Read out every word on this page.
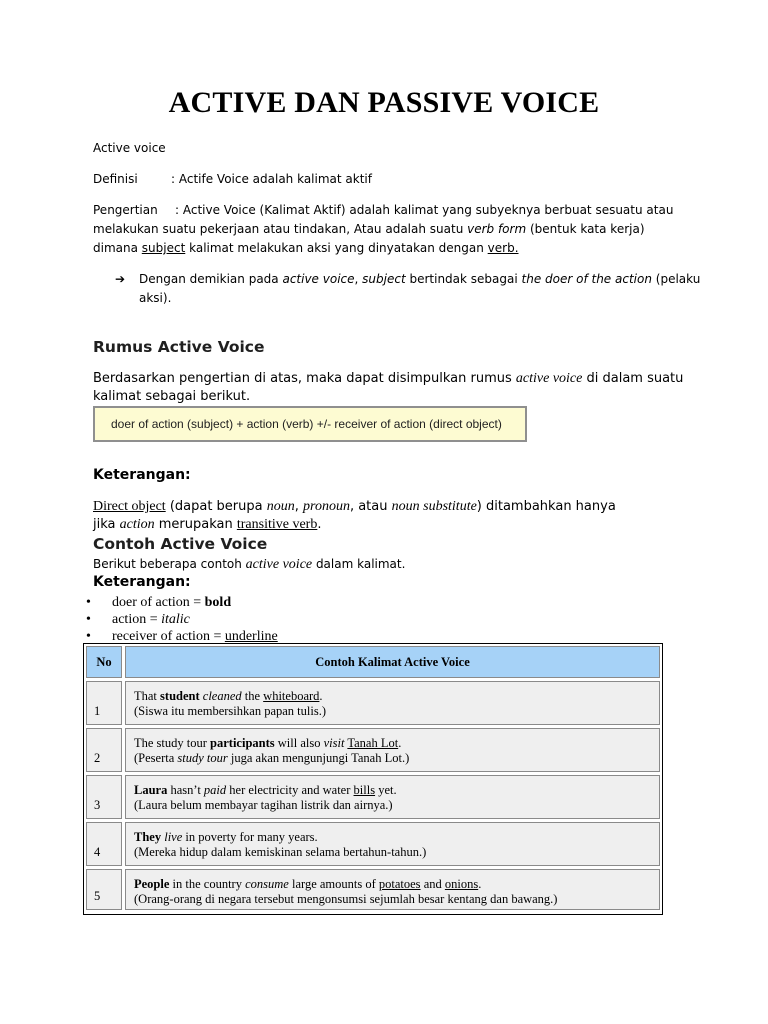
ACTIVE DAN PASSIVE VOICE
Active voice
Definisi	: Actife Voice adalah kalimat aktif
Pengertian : Active Voice (Kalimat Aktif) adalah kalimat yang subyeknya berbuat sesuatu atau
melakukan suatu pekerjaan atau tindakan, Atau adalah suatu verb form (bentuk kata kerja)
dimana subject kalimat melakukan aksi yang dinyatakan dengan verb.
➔ Dengan demikian pada active voice, subject bertindak sebagai the doer of the action (pelaku
aksi).
Rumus Active Voice
Berdasarkan pengertian di atas, maka dapat disimpulkan rumus active voice di dalam suatu
kalimat sebagai berikut.
doer of action (subject) + action (verb) +/- receiver of action (direct object)
Keterangan:
Direct object (dapat berupa noun, pronoun, atau noun substitute) ditambahkan hanya
jika action merupakan transitive verb.
Contoh Active Voice
Berikut beberapa contoh active voice dalam kalimat.
Keterangan:
• doer of action = bold
• action = italic
• receiver of action = underline
No	Contoh Kalimat Active Voice
1
That student cleaned the whiteboard.
(Siswa itu membersihkan papan tulis.)
2
The study tour participants will also visit Tanah Lot.
(Peserta study tour juga akan mengunjungi Tanah Lot.)
3
Laura hasn’t paid her electricity and water bills yet.
(Laura belum membayar tagihan listrik dan airnya.)
4
They live in poverty for many years.
(Mereka hidup dalam kemiskinan selama bertahun-tahun.)
5
People in the country consume large amounts of potatoes and onions.
(Orang-orang di negara tersebut mengonsumsi sejumlah besar kentang dan bawang.)
